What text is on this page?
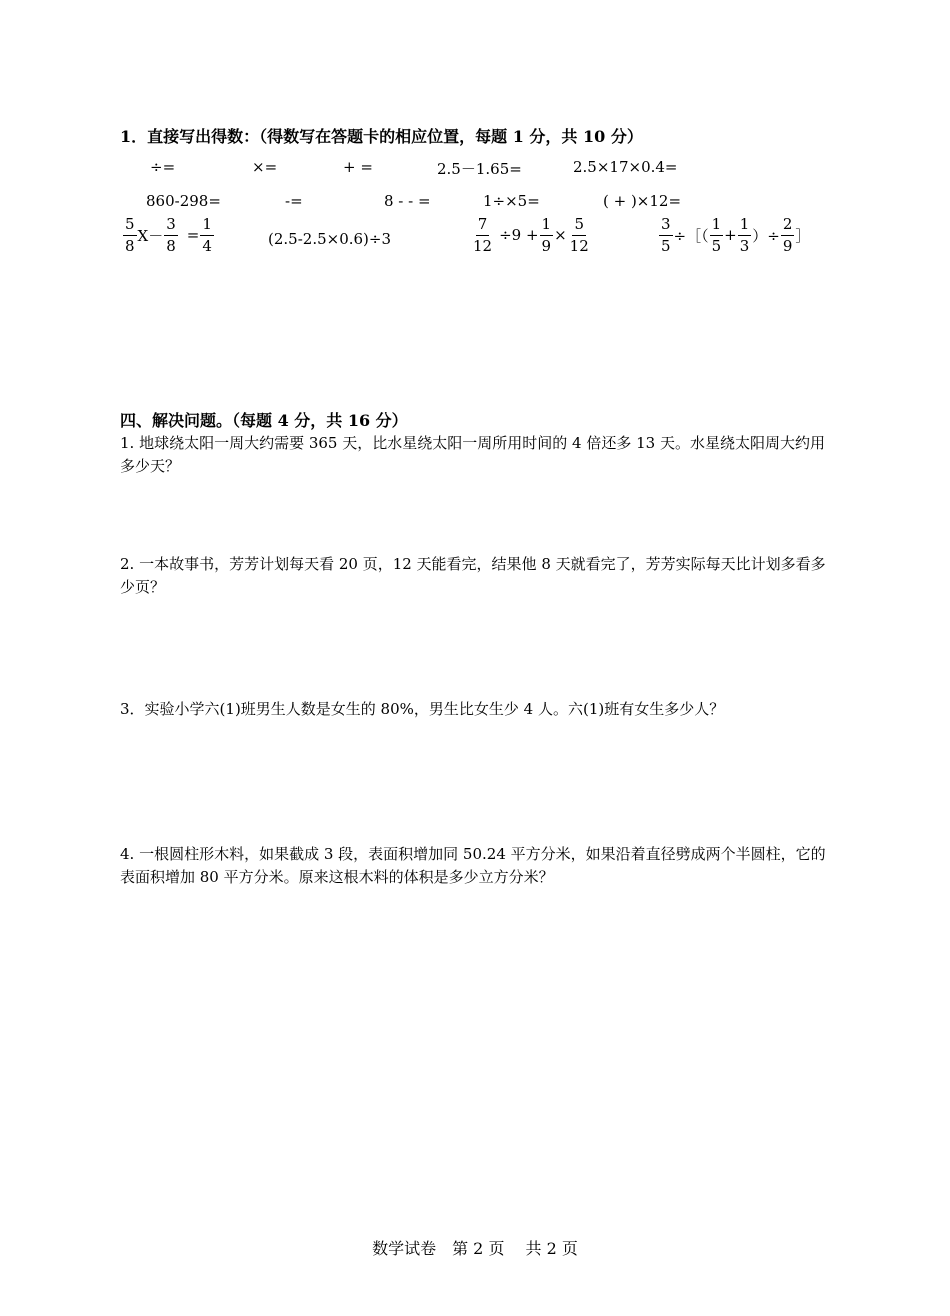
1．直接写出得数：（得数写在答题卡的相应位置，每题 1 分，共 10 分）
÷=	×=	+ =	2.5－1.65=	2.5×17×0.4=
860-298=	-=	8 - - =	1÷×5=	( + )×12=
$\frac{5}{8} X- \frac{3}{8} = \frac{1}{4}$	(2.5-2.5×0.6)÷3	$\frac{7}{12} \div 9 + \frac{1}{9} \times \frac{5}{12}$	$\frac{3}{5}$ ÷［（ $\frac{1}{5} + \frac{1}{3}$ ）÷ $\frac{2}{9}$ ］
四、解决问题。（每题 4 分，共 16 分）
1. 地球绕太阳一周大约需要 365 天，比水星绕太阳一周所用时间的 4 倍还多 13 天。水星绕太阳周大约用多少天？
2. 一本故事书，芳芳计划每天看 20 页，12 天能看完，结果他 8 天就看完了，芳芳实际每天比计划多看多少页？
3．实验小学六(1)班男生人数是女生的 80%，男生比女生少 4 人。六(1)班有女生多少人？
4. 一根圆柱形木料，如果截成 3 段，表面积增加同 50.24 平方分米，如果沿着直径劈成两个半圆柱，它的表面积增加 80 平方分米。原来这根木料的体积是多少立方分米？
数学试卷　第 2 页　 共 2 页
